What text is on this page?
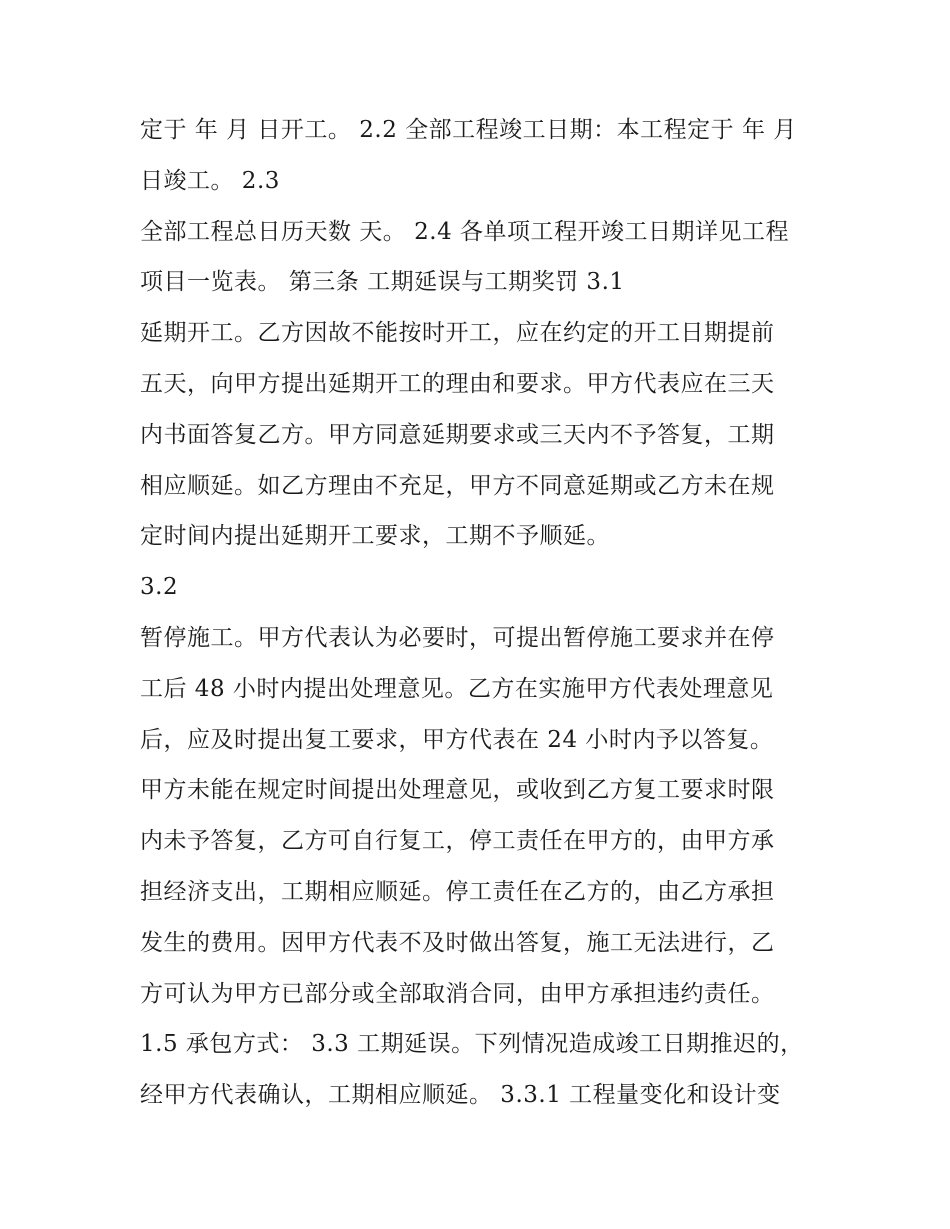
定于 年 月 日开工。 2.2 全部工程竣工日期：本工程定于 年 月
日竣工。 2.3
全部工程总日历天数 天。 2.4 各单项工程开竣工日期详见工程
项目一览表。 第三条 工期延误与工期奖罚 3.1
延期开工。乙方因故不能按时开工，应在约定的开工日期提前
五天，向甲方提出延期开工的理由和要求。甲方代表应在三天
内书面答复乙方。甲方同意延期要求或三天内不予答复，工期
相应顺延。如乙方理由不充足，甲方不同意延期或乙方未在规
定时间内提出延期开工要求，工期不予顺延。
3.2
暂停施工。甲方代表认为必要时，可提出暂停施工要求并在停
工后 48 小时内提出处理意见。乙方在实施甲方代表处理意见
后，应及时提出复工要求，甲方代表在 24 小时内予以答复。
甲方未能在规定时间提出处理意见，或收到乙方复工要求时限
内未予答复，乙方可自行复工，停工责任在甲方的，由甲方承
担经济支出，工期相应顺延。停工责任在乙方的，由乙方承担
发生的费用。因甲方代表不及时做出答复，施工无法进行，乙
方可认为甲方已部分或全部取消合同，由甲方承担违约责任。
1.5 承包方式： 3.3 工期延误。下列情况造成竣工日期推迟的，
经甲方代表确认，工期相应顺延。 3.3.1 工程量变化和设计变
